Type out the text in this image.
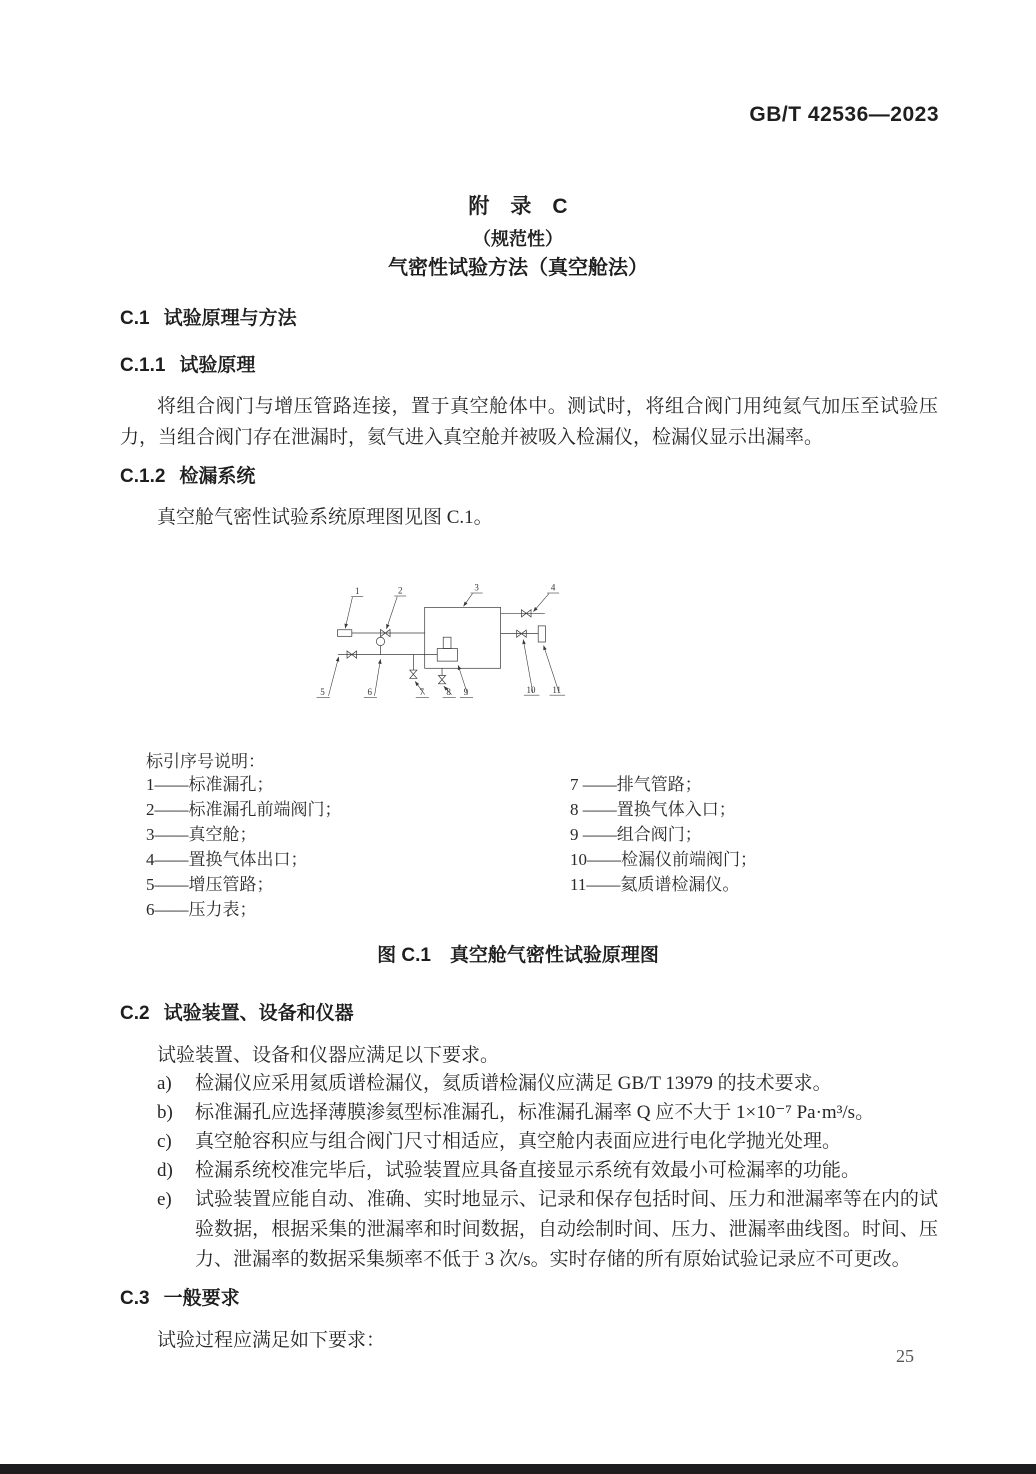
GB/T 42536—2023
附　录　C
（规范性）
气密性试验方法（真空舱法）
C.1 试验原理与方法
C.1.1 试验原理
将组合阀门与增压管路连接，置于真空舱体中。测试时，将组合阀门用纯氦气加压至试验压力，当组合阀门存在泄漏时，氦气进入真空舱并被吸入检漏仪，检漏仪显示出漏率。
C.1.2 检漏系统
真空舱气密性试验系统原理图见图 C.1。
1	2	3	4
5	6	7 8 9	10 11
标引序号说明：
1——标准漏孔；
2——标准漏孔前端阀门；
3——真空舱；
4——置换气体出口；
5——增压管路；
6——压力表；
7 ——排气管路；
8 ——置换气体入口；
9 ——组合阀门；
10——检漏仪前端阀门；
11——氦质谱检漏仪。
图 C.1　真空舱气密性试验原理图
C.2 试验装置、设备和仪器
试验装置、设备和仪器应满足以下要求。
a) 检漏仪应采用氦质谱检漏仪，氦质谱检漏仪应满足 GB/T 13979 的技术要求。
b) 标准漏孔应选择薄膜渗氦型标准漏孔，标准漏孔漏率 Q 应不大于 1×10⁻⁷ Pa·m³/s。
c) 真空舱容积应与组合阀门尺寸相适应，真空舱内表面应进行电化学抛光处理。
d) 检漏系统校准完毕后，试验装置应具备直接显示系统有效最小可检漏率的功能。
e) 试验装置应能自动、准确、实时地显示、记录和保存包括时间、压力和泄漏率等在内的试验数据，根据采集的泄漏率和时间数据，自动绘制时间、压力、泄漏率曲线图。时间、压力、泄漏率的数据采集频率不低于 3 次/s。实时存储的所有原始试验记录应不可更改。
C.3 一般要求
试验过程应满足如下要求：
25
